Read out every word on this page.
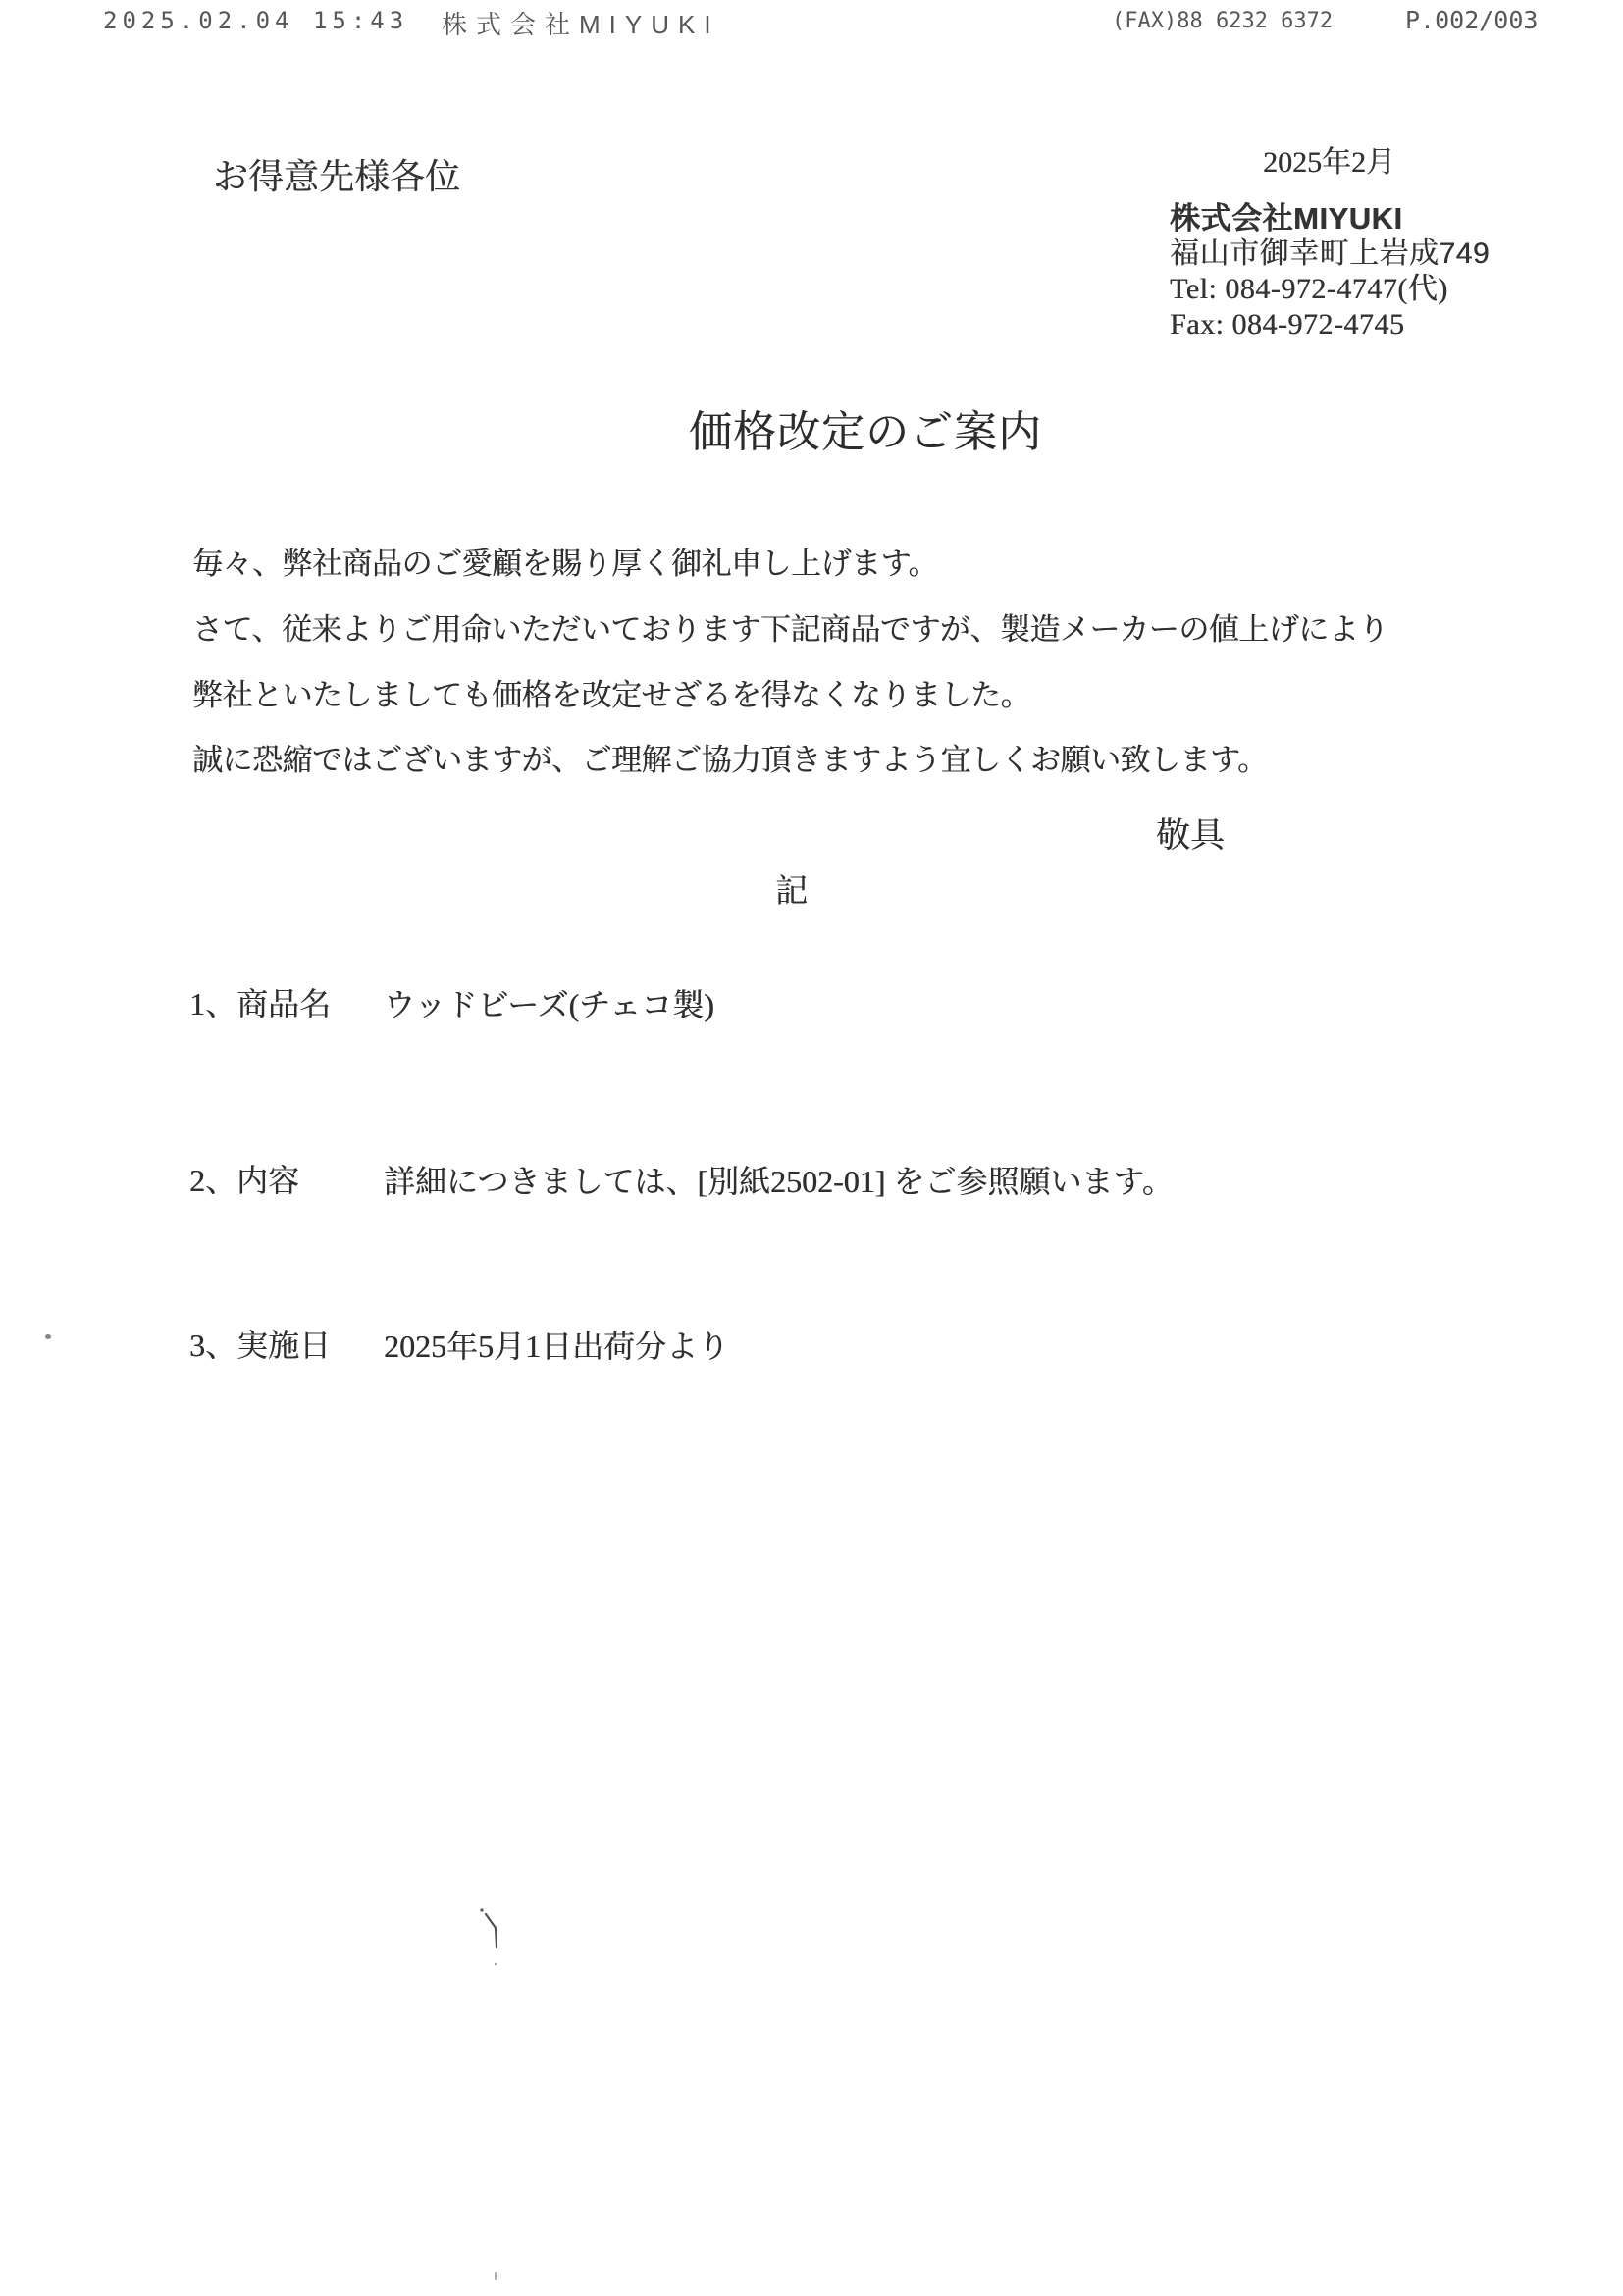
2025.02.04 15:43	株式会社MIYUKI	(FAX)88 6232 6372	P.002/003
お得意先様各位	2025年2月
株式会社MIYUKI
福山市御幸町上岩成749
Tel: 084-972-4747(代)
Fax: 084-972-4745
価格改定のご案内

毎々、弊社商品のご愛顧を賜り厚く御礼申し上げます。

さて、従来よりご用命いただいております下記商品ですが、製造メーカーの値上げにより

弊社といたしましても価格を改定せざるを得なくなりました。

誠に恐縮ではございますが、ご理解ご協力頂きますよう宜しくお願い致します。

敬具
記
1、商品名 ウッドビーズ(チェコ製)
2、内容	詳細につきましては、[別紙2502-01] をご参照願います。
3、実施日 2025年5月1日出荷分より
